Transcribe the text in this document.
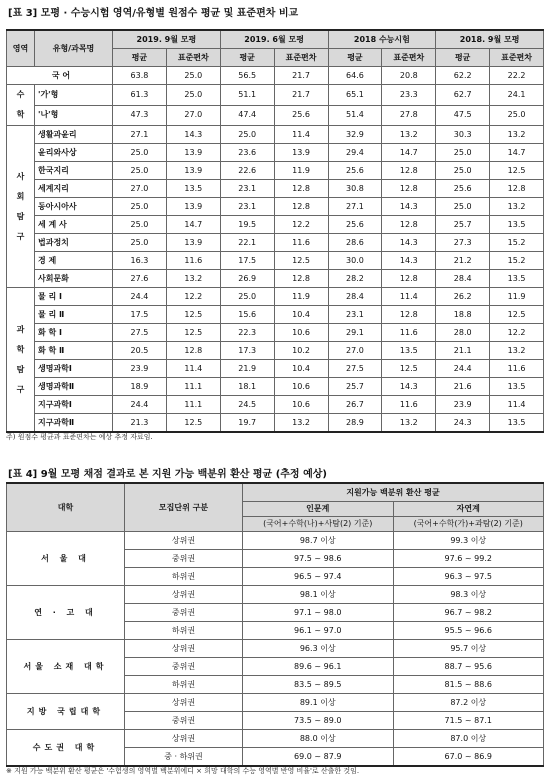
[표 3] 모평 · 수능시험 영역/유형별 원점수 평균 및 표준편차 비교
영역	유형/과목명	2019. 9월 모평		2019. 6월 모평		2018 수능시험		2018. 9월 모평	
		평균	표준편차	평균	표준편차	평균	표준편차	평균	표준편차
국 어		63.8	25.0	56.5	21.7	64.6	20.8	62.2	22.2

수
학	'가'형	61.3	25.0	51.1	21.7	65.1	23.3	62.7	24.1
	'나'형	47.3	27.0	47.4	25.6	51.4	27.8	47.5	25.0

사
회
탐
구	생활과윤리	27.1	14.3	25.0	11.4	32.9	13.2	30.3	13.2
	윤리와사상	25.0	13.9	23.6	13.9	29.4	14.7	25.0	14.7
	한국지리	25.0	13.9	22.6	11.9	25.6	12.8	25.0	12.5
	세계지리	27.0	13.5	23.1	12.8	30.8	12.8	25.6	12.8
	동아시아사	25.0	13.9	23.1	12.8	27.1	14.3	25.0	13.2
	세 계 사	25.0	14.7	19.5	12.2	25.6	12.8	25.7	13.5
	법과정치	25.0	13.9	22.1	11.6	28.6	14.3	27.3	15.2
	경 제	16.3	11.6	17.5	12.5	30.0	14.3	21.2	15.2
	사회문화	27.6	13.2	26.9	12.8	28.2	12.8	28.4	13.5

과
학
탐
구	물 리 Ⅰ	24.4	12.2	25.0	11.9	28.4	11.4	26.2	11.9
	물 리 Ⅱ	17.5	12.5	15.6	10.4	23.1	12.8	18.8	12.5
	화 학 Ⅰ	27.5	12.5	22.3	10.6	29.1	11.6	28.0	12.2
	화 학 Ⅱ	20.5	12.8	17.3	10.2	27.0	13.5	21.1	13.2
	생명과학Ⅰ	23.9	11.4	21.9	10.4	27.5	12.5	24.4	11.6
	생명과학Ⅱ	18.9	11.1	18.1	10.6	25.7	14.3	21.6	13.5
	지구과학Ⅰ	24.4	11.1	24.5	10.6	26.7	11.6	23.9	11.4
	지구과학Ⅱ	21.3	12.5	19.7	13.2	28.9	13.2	24.3	13.5
주) 원점수 평균과 표준편차는 예상 추정 자료임.
[표 4] 9월 모평 채점 결과로 본 지원 가능 백분위 환산 평균 (추정 예상)
대학	모집단위 구분	지원가능 백분위 환산 평균	
		인문계	자연계
		(국어+수학(나)+사탐(2) 기준)	(국어+수학(가)+과탐(2) 기준)
서 울 대	상위권	98.7 이상	99.3 이상
	중위권	97.5 ~ 98.6	97.6 ~ 99.2
	하위권	96.5 ~ 97.4	96.3 ~ 97.5
연 · 고 대	상위권	98.1 이상	98.3 이상
	중위권	97.1 ~ 98.0	96.7 ~ 98.2
	하위권	96.1 ~ 97.0	95.5 ~ 96.6
서울 소재 대학	상위권	96.3 이상	95.7 이상
	중위권	89.6 ~ 96.1	88.7 ~ 95.6
	하위권	83.5 ~ 89.5	81.5 ~ 88.6
지방 국립대학	상위권	89.1 이상	87.2 이상
	중위권	73.5 ~ 89.0	71.5 ~ 87.1
수도권 대학	상위권	88.0 이상	87.0 이상
	중 · 하위권	69.0 ~ 87.9	67.0 ~ 86.9
※ 지원 가능 백분위 환산 평균은 '수험생의 영역별 백분위에디 × 희망 대학의 수능 영역별 반영 비율'로 산출한 것임.
